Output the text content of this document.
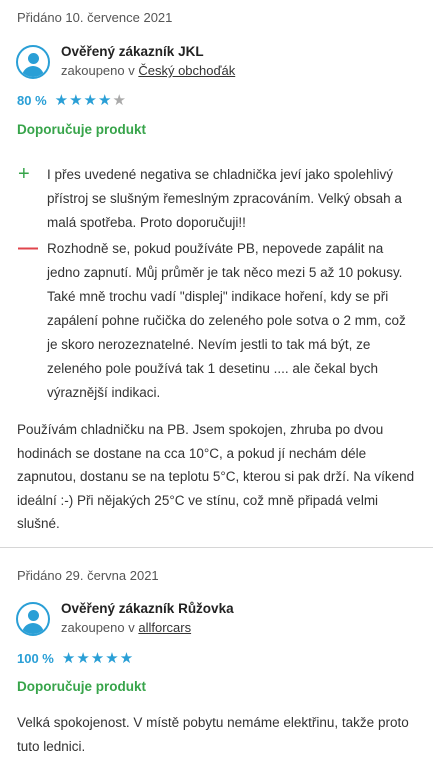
Přidáno 10. července 2021
Ověřený zákazník JKL
zakoupeno v Český obchoďák
80 % ★ ★ ★ ★ ★
Doporučuje produkt
+	I přes uvedené negativa se chladnička jeví jako spolehlivý přístroj se slušným řemeslným zpracováním. Velký obsah a malá spotřeba. Proto doporučuji!!
— Rozhodně se, pokud používáte PB, nepovede zapálit na jedno zapnutí. Můj průměr je tak něco mezi 5 až 10 pokusy. Také mně trochu vadí "displej" indikace hoření, kdy se při zapálení pohne ručička do zeleného pole sotva o 2 mm, což je skoro nerozeznatelné. Nevím jestli to tak má být, ze zeleného pole používá tak 1 desetinu .... ale čekal bych výraznější indikaci.
Používám chladničku na PB. Jsem spokojen, zhruba po dvou hodinách se dostane na cca 10°C, a pokud jí nechám déle zapnutou, dostanu se na teplotu 5°C, kterou si pak drží. Na víkend ideální :-) Při nějakých 25°C ve stínu, což mně připadá velmi slušné.
Přidáno 29. června 2021
Ověřený zákazník Růžovka
zakoupeno v allforcars
100 % ★ ★ ★ ★ ★
Doporučuje produkt
Velká spokojenost. V místě pobytu nemáme elektřinu, takže proto tuto lednici.
